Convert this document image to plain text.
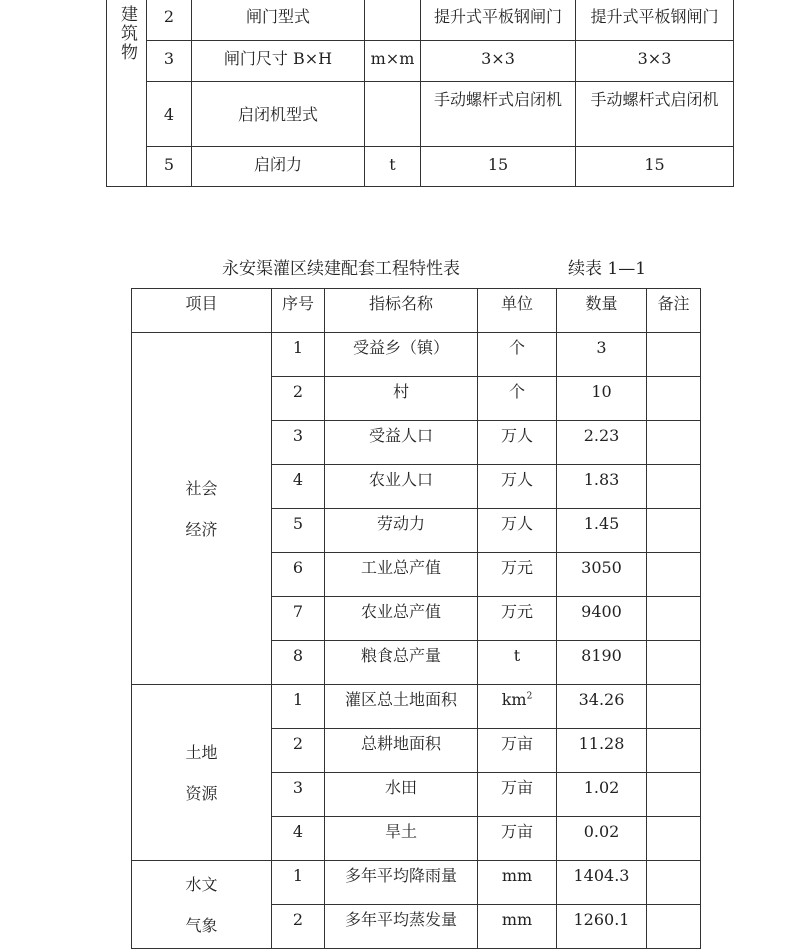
建筑物	2	闸门型式		提升式平板钢闸门	提升式平板钢闸门
	3	闸门尺寸 B×H	m×m	3×3	3×3
	4	启闭机型式		手动螺杆式启闭机	手动螺杆式启闭机
	5	启闭力	t	15	15
永安渠灌区续建配套工程特性表	续表 1—1
项目	序号	指标名称	单位	数量	备注

社会
经济	1	受益乡（镇）	个	3	
	2	村	个	10	
	3	受益人口	万人	2.23	
	4	农业人口	万人	1.83	
	5	劳动力	万人	1.45	
	6	工业总产值	万元	3050	
	7	农业总产值	万元	9400	
	8	粮食总产量	t	8190	

土地
资源	1	灌区总土地面积	$km^2$	34.26	
	2	总耕地面积	万亩	11.28	
	3	水田	万亩	1.02	
	4	旱土	万亩	0.02	

水文
气象	1	多年平均降雨量	mm	1404.3	
	2	多年平均蒸发量	mm	1260.1	
